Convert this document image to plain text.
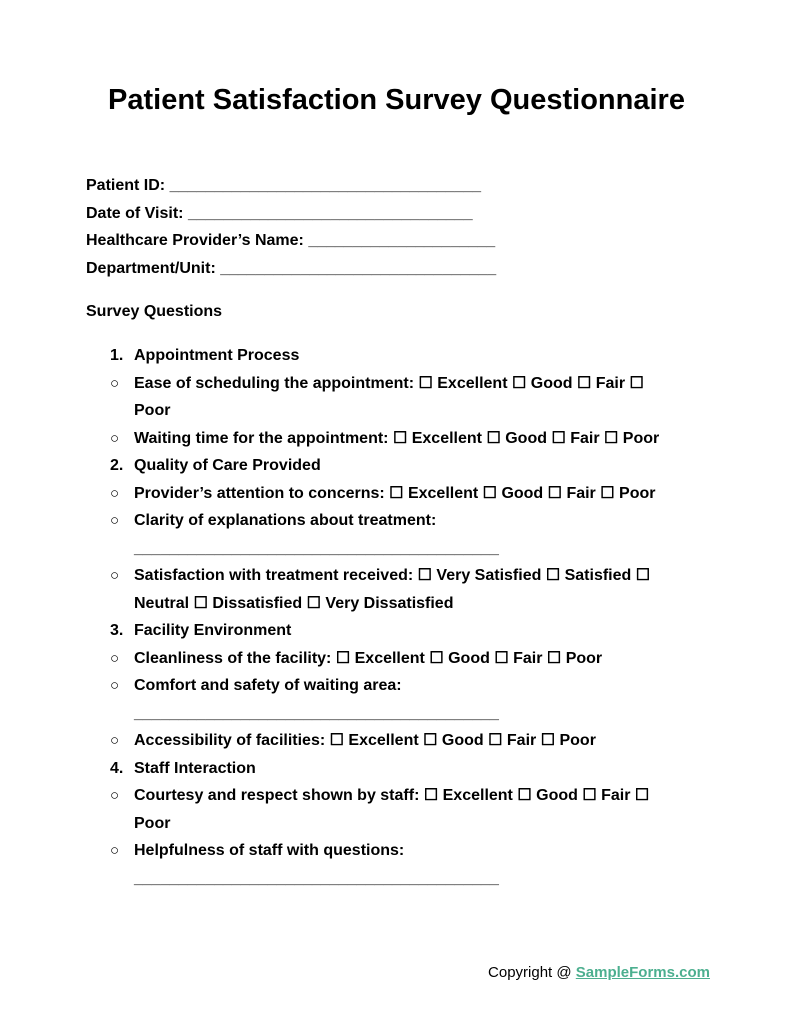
Patient Satisfaction Survey Questionnaire
Patient ID: ___________________________________
Date of Visit: ________________________________
Healthcare Provider’s Name: _____________________
Department/Unit: _______________________________
Survey Questions
1. Appointment Process
○ Ease of scheduling the appointment: ☐ Excellent ☐ Good ☐ Fair ☐ Poor
○ Waiting time for the appointment: ☐ Excellent ☐ Good ☐ Fair ☐ Poor
2. Quality of Care Provided
○ Provider’s attention to concerns: ☐ Excellent ☐ Good ☐ Fair ☐ Poor
○ Clarity of explanations about treatment:
_________________________________________
○ Satisfaction with treatment received: ☐ Very Satisfied ☐ Satisfied ☐ Neutral ☐ Dissatisfied ☐ Very Dissatisfied
3. Facility Environment
○ Cleanliness of the facility: ☐ Excellent ☐ Good ☐ Fair ☐ Poor
○ Comfort and safety of waiting area:
_________________________________________
○ Accessibility of facilities: ☐ Excellent ☐ Good ☐ Fair ☐ Poor
4. Staff Interaction
○ Courtesy and respect shown by staff: ☐ Excellent ☐ Good ☐ Fair ☐ Poor
○ Helpfulness of staff with questions:
_________________________________________
Copyright @ SampleForms.com
